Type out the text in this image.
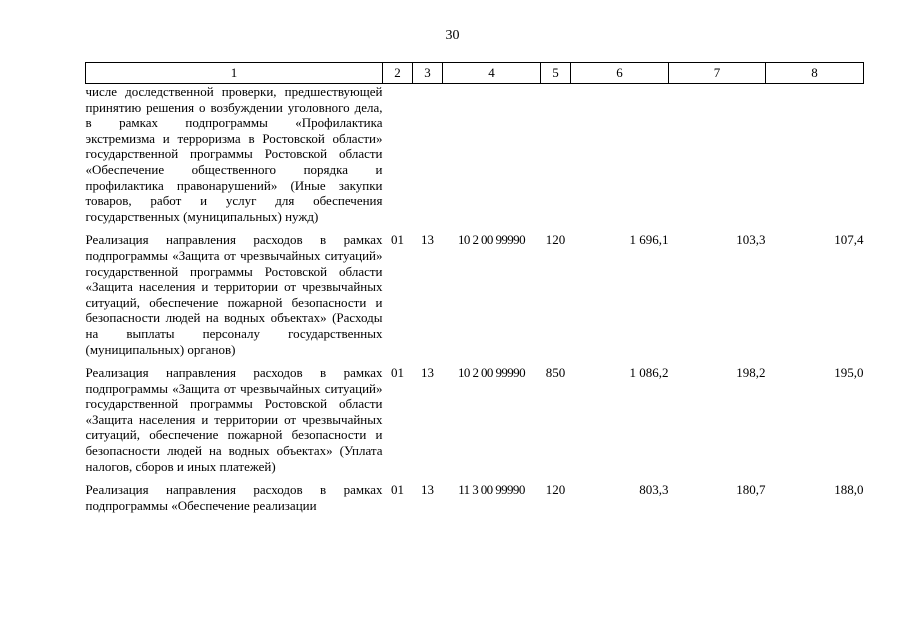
30
1	2	3	4	5	6	7	8
числе доследственной проверки, предшествующей принятию решения о возбуждении уголовного дела, в рамках подпрограммы «Профилактика экстремизма и терроризма в Ростовской области» государственной программы Ростовской области «Обеспечение общественного порядка и профилактика правонарушений» (Иные закупки товаров, работ и услуг для обеспечения государственных (муниципальных) нужд)							
Реализация направления расходов в рамках подпрограммы «Защита от чрезвычайных ситуаций» государственной программы Ростовской области «Защита населения и территории от чрезвычайных ситуаций, обеспечение пожарной безопасности и безопасности людей на водных объектах» (Расходы на выплаты персоналу государственных (муниципальных) органов)	01	13	10 2 00 99990	120	1 696,1	103,3	107,4
Реализация направления расходов в рамках подпрограммы «Защита от чрезвычайных ситуаций» государственной программы Ростовской области «Защита населения и территории от чрезвычайных ситуаций, обеспечение пожарной безопасности и безопасности людей на водных объектах» (Уплата налогов, сборов и иных платежей)	01	13	10 2 00 99990	850	1 086,2	198,2	195,0
Реализация направления расходов в рамках подпрограммы «Обеспечение реализации	01	13	11 3 00 99990	120	803,3	180,7	188,0
